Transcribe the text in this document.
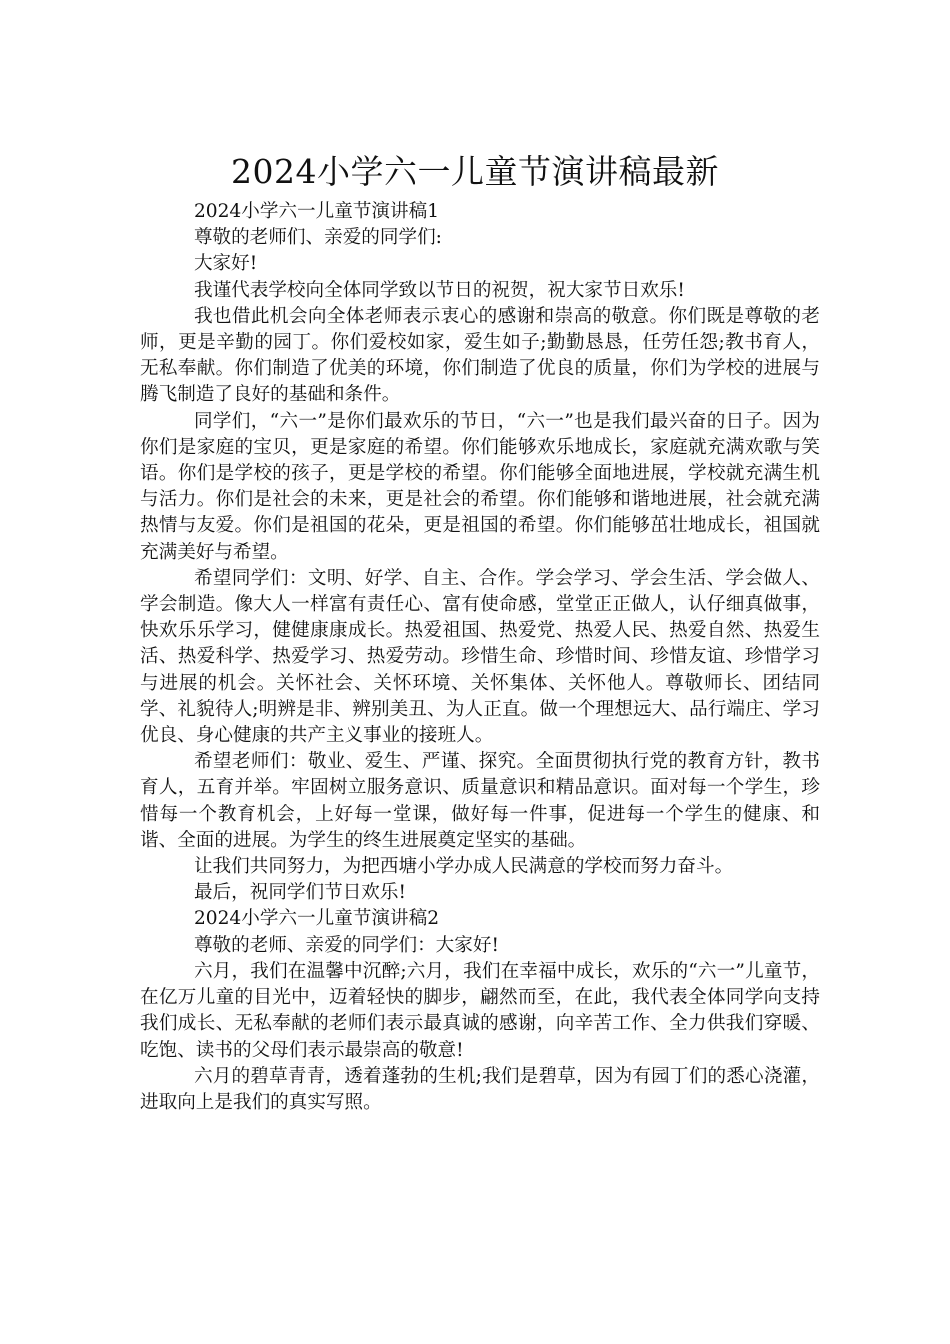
2024小学六一儿童节演讲稿最新

2024小学六一儿童节演讲稿1

尊敬的老师们、亲爱的同学们:

大家好!

我谨代表学校向全体同学致以节日的祝贺，祝大家节日欢乐!

我也借此机会向全体老师表示衷心的感谢和崇高的敬意。你们既是尊敬的老师，更是辛勤的园丁。你们爱校如家，爱生如子;勤勤恳恳，任劳任怨;教书育人，无私奉献。你们制造了优美的环境，你们制造了优良的质量，你们为学校的进展与腾飞制造了良好的基础和条件。

同学们，“六一”是你们最欢乐的节日，“六一”也是我们最兴奋的日子。因为你们是家庭的宝贝，更是家庭的希望。你们能够欢乐地成长，家庭就充满欢歌与笑语。你们是学校的孩子，更是学校的希望。你们能够全面地进展，学校就充满生机与活力。你们是社会的未来，更是社会的希望。你们能够和谐地进展，社会就充满热情与友爱。你们是祖国的花朵，更是祖国的希望。你们能够茁壮地成长，祖国就充满美好与希望。

希望同学们：文明、好学、自主、合作。学会学习、学会生活、学会做人、学会制造。像大人一样富有责任心、富有使命感，堂堂正正做人，认仔细真做事，快欢乐乐学习，健健康康成长。热爱祖国、热爱党、热爱人民、热爱自然、热爱生活、热爱科学、热爱学习、热爱劳动。珍惜生命、珍惜时间、珍惜友谊、珍惜学习与进展的机会。关怀社会、关怀环境、关怀集体、关怀他人。尊敬师长、团结同学、礼貌待人;明辨是非、辨别美丑、为人正直。做一个理想远大、品行端庄、学习优良、身心健康的共产主义事业的接班人。

希望老师们：敬业、爱生、严谨、探究。全面贯彻执行党的教育方针，教书育人，五育并举。牢固树立服务意识、质量意识和精品意识。面对每一个学生，珍惜每一个教育机会，上好每一堂课，做好每一件事，促进每一个学生的健康、和谐、全面的进展。为学生的终生进展奠定坚实的基础。

让我们共同努力，为把西塘小学办成人民满意的学校而努力奋斗。

最后，祝同学们节日欢乐!

2024小学六一儿童节演讲稿2

尊敬的老师、亲爱的同学们：大家好!

六月，我们在温馨中沉醉;六月，我们在幸福中成长，欢乐的“六一”儿童节，在亿万儿童的目光中，迈着轻快的脚步，翩然而至，在此，我代表全体同学向支持我们成长、无私奉献的老师们表示最真诚的感谢，向辛苦工作、全力供我们穿暖、吃饱、读书的父母们表示最崇高的敬意!

六月的碧草青青，透着蓬勃的生机;我们是碧草，因为有园丁们的悉心浇灌，进取向上是我们的真实写照。
